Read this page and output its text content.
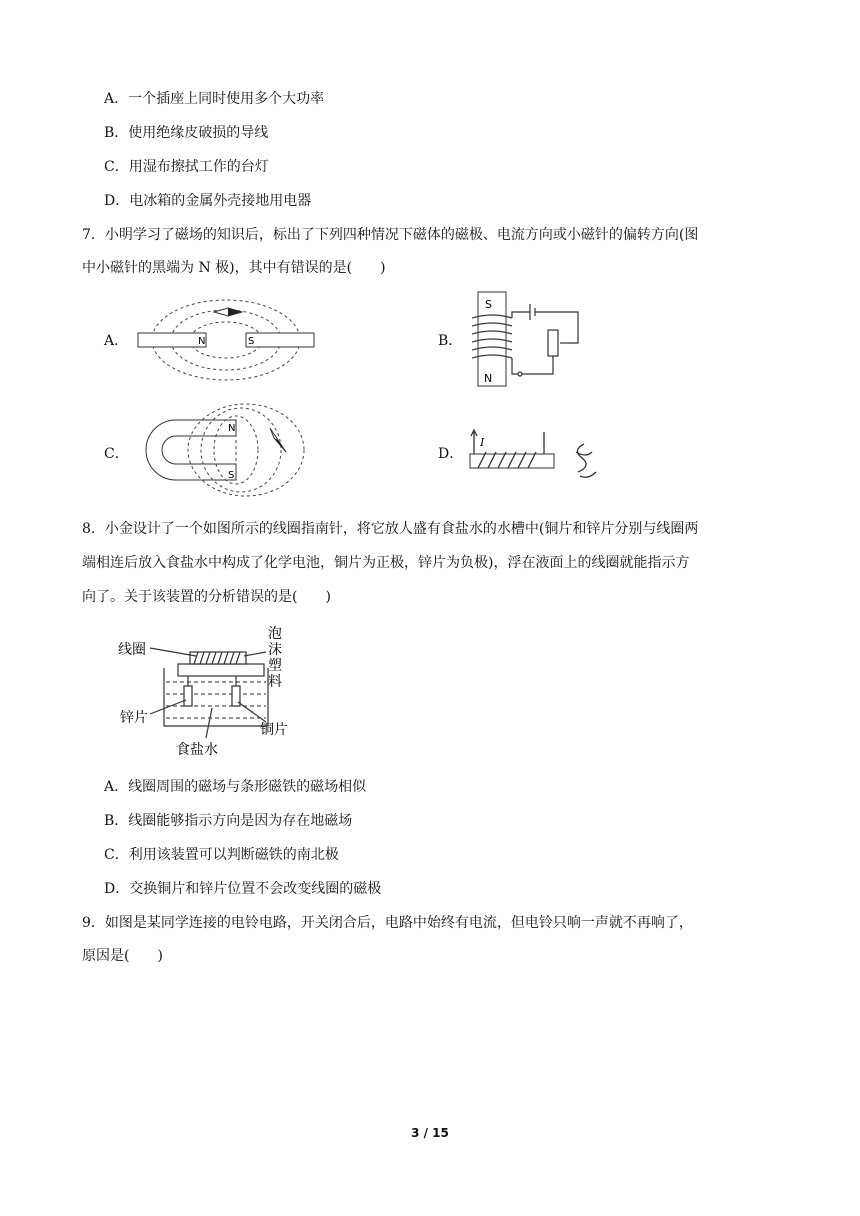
A．一个插座上同时使用多个大功率
B．使用绝缘皮破损的导线
C．用湿布擦拭工作的台灯
D．电冰箱的金属外壳接地用电器
7．小明学习了磁场的知识后，标出了下列四种情况下磁体的磁极、电流方向或小磁针的偏转方向(图
中小磁针的黑端为 N 极)，其中有错误的是(　　)
A．	N	S	B．
S
N
C．
N
S
D．
I
8．小金设计了一个如图所示的线圈指南针，将它放人盛有食盐水的水槽中(铜片和锌片分别与线圈两
端相连后放入食盐水中构成了化学电池，铜片为正极，锌片为负极)，浮在液面上的线圈就能指示方
向了。关于该装置的分析错误的是(　　)
线圈
泡
沫
塑
料
锌片
铜片
食盐水
A．线圈周围的磁场与条形磁铁的磁场相似
B．线圈能够指示方向是因为存在地磁场
C．利用该装置可以判断磁铁的南北极
D．交换铜片和锌片位置不会改变线圈的磁极
9．如图是某同学连接的电铃电路，开关闭合后，电路中始终有电流，但电铃只响一声就不再响了，
原因是(　　)
3 / 15
